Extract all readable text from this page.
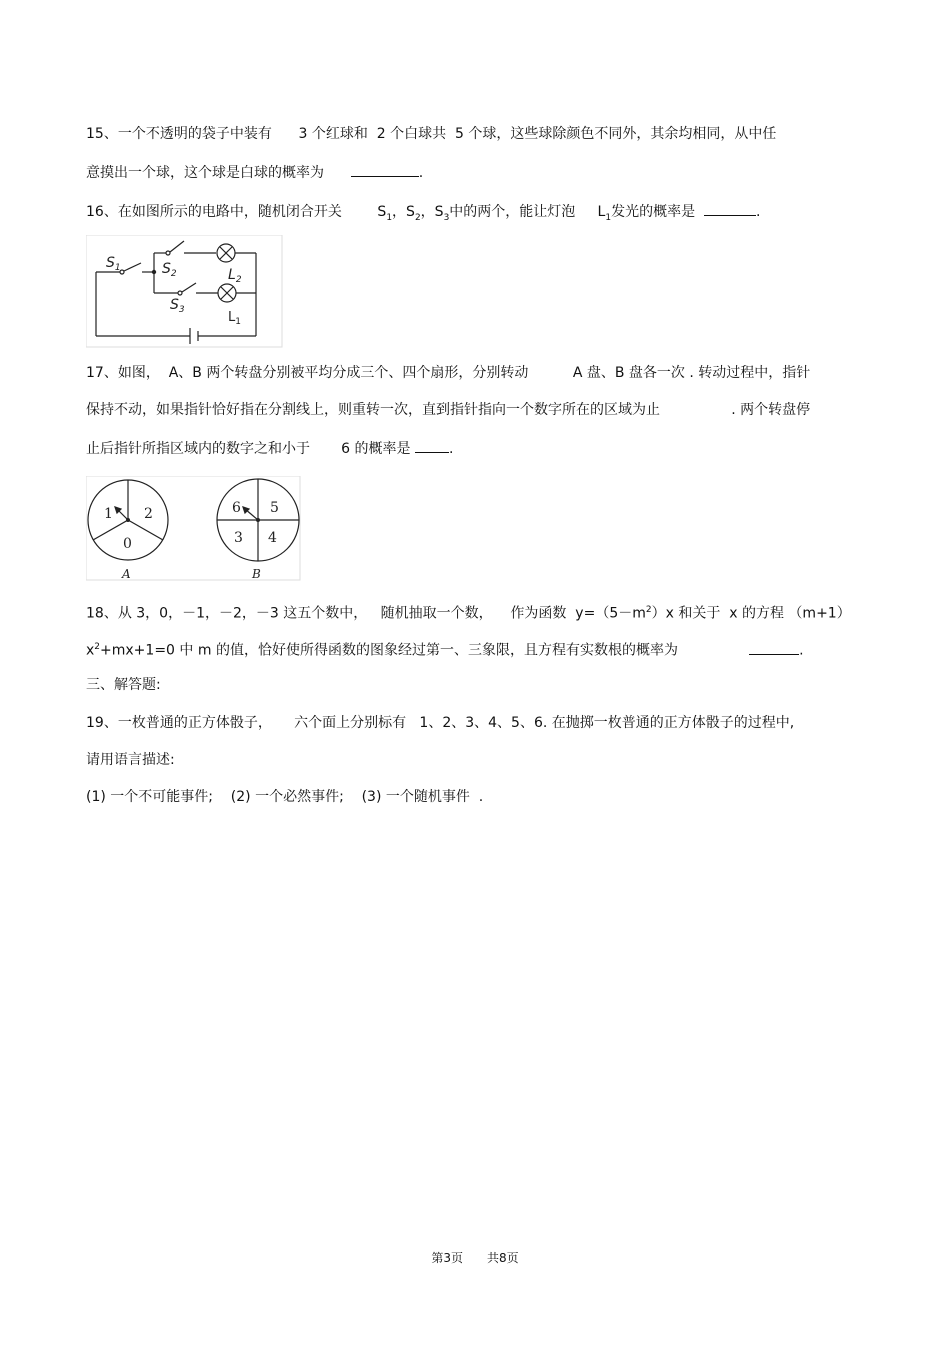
15、一个不透明的袋子中装有      3 个红球和  2 个白球共  5 个球，这些球除颜色不同外，其余均相同，从中任
意摸出一个球，这个球是白球的概率为	.
16、在如图所示的电路中，随机闭合开关        $S_1$，$S_2$，$S_3$中的两个，能让灯泡     $L_1$发光的概率是	.
$S_1$	$S_2$
$S_3$
$L_2$
$L_1$
17、如图，  A、B 两个转盘分别被平均分成三个、四个扇形，分别转动          A 盘、B 盘各一次 . 转动过程中，指针
保持不动，如果指针恰好指在分割线上，则重转一次，直到指针指向一个数字所在的区域为止                . 两个转盘停
止后指针所指区域内的数字之和小于       6 的概率是 .
1 2
0
A
6 5
3 4
B
18、从 3，0，－1，－2，－3 这五个数中，   随机抽取一个数，    作为函数  $y=(5-m^2)x$ 和关于  x 的方程 （m+1）
$x^2+mx+1=0$ 中 m 的值，恰好使所得函数的图象经过第一、三象限，且方程有实数根的概率为	.
三、解答题:
19、一枚普通的正方体骰子，     六个面上分别标有   1、2、3、4、5、6. 在抛掷一枚普通的正方体骰子的过程中,
请用语言描述:
(1) 一个不可能事件;    (2) 一个必然事件;    (3) 一个随机事件  .
第3页 共8页
